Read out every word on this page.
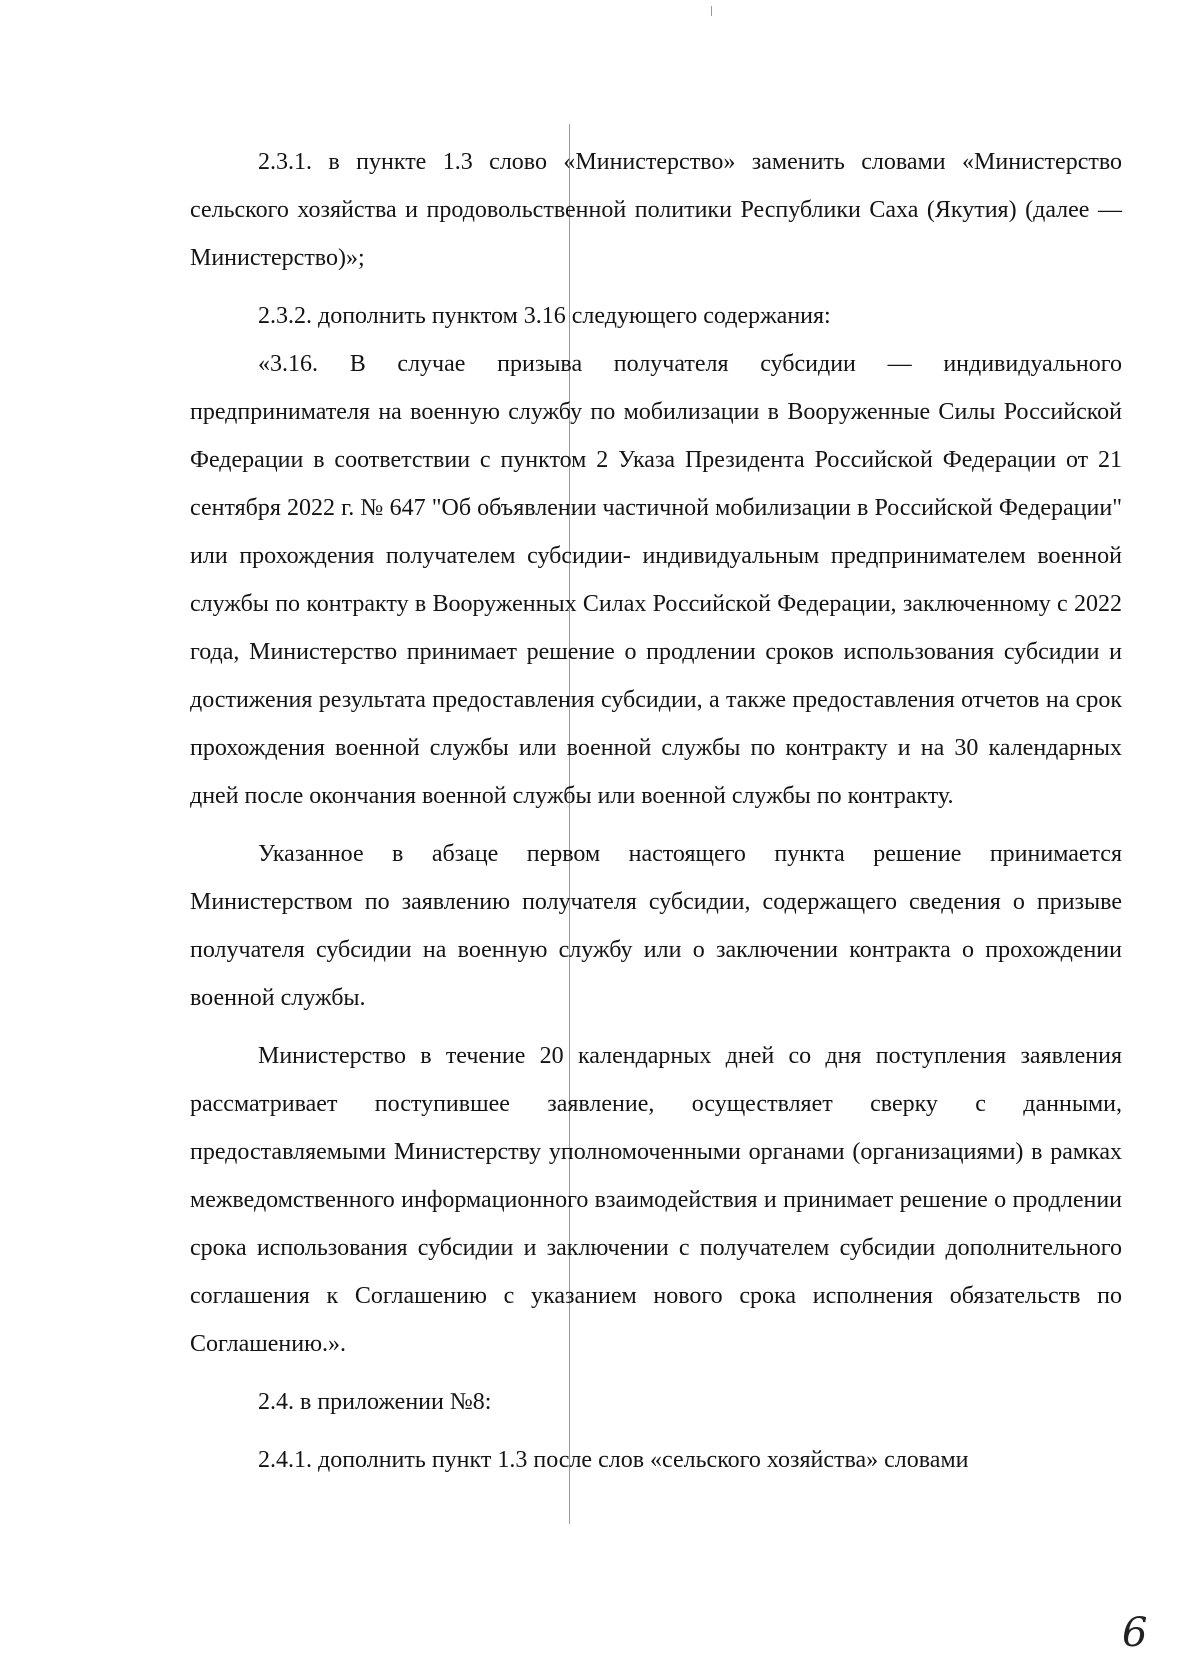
2.3.1. в пункте 1.3 слово «Министерство» заменить словами «Министерство сельского хозяйства и продовольственной политики Республики Саха (Якутия) (далее — Министерство)»;

2.3.2. дополнить пунктом 3.16 следующего содержания:

«3.16. В случае призыва получателя субсидии — индивидуального предпринимателя на военную службу по мобилизации в Вооруженные Силы Российской Федерации в соответствии с пунктом 2 Указа Президента Российской Федерации от 21 сентября 2022 г. № 647 "Об объявлении частичной мобилизации в Российской Федерации" или прохождения получателем субсидии- индивидуальным предпринимателем военной службы по контракту в Вооруженных Силах Российской Федерации, заключенному с 2022 года, Министерство принимает решение о продлении сроков использования субсидии и достижения результата предоставления субсидии, а также предоставления отчетов на срок прохождения военной службы или военной службы по контракту и на 30 календарных дней после окончания военной службы или военной службы по контракту.

Указанное в абзаце первом настоящего пункта решение принимается Министерством по заявлению получателя субсидии, содержащего сведения о призыве получателя субсидии на военную службу или о заключении контракта о прохождении военной службы.

Министерство в течение 20 календарных дней со дня поступления заявления рассматривает поступившее заявление, осуществляет сверку с данными, предоставляемыми Министерству уполномоченными органами (организациями) в рамках межведомственного информационного взаимодействия и принимает решение о продлении срока использования субсидии и заключении с получателем субсидии дополнительного соглашения к Соглашению с указанием нового срока исполнения обязательств по Соглашению.».

2.4. в приложении №8:

2.4.1. дополнить пункт 1.3 после слов «сельского хозяйства» словами

6
